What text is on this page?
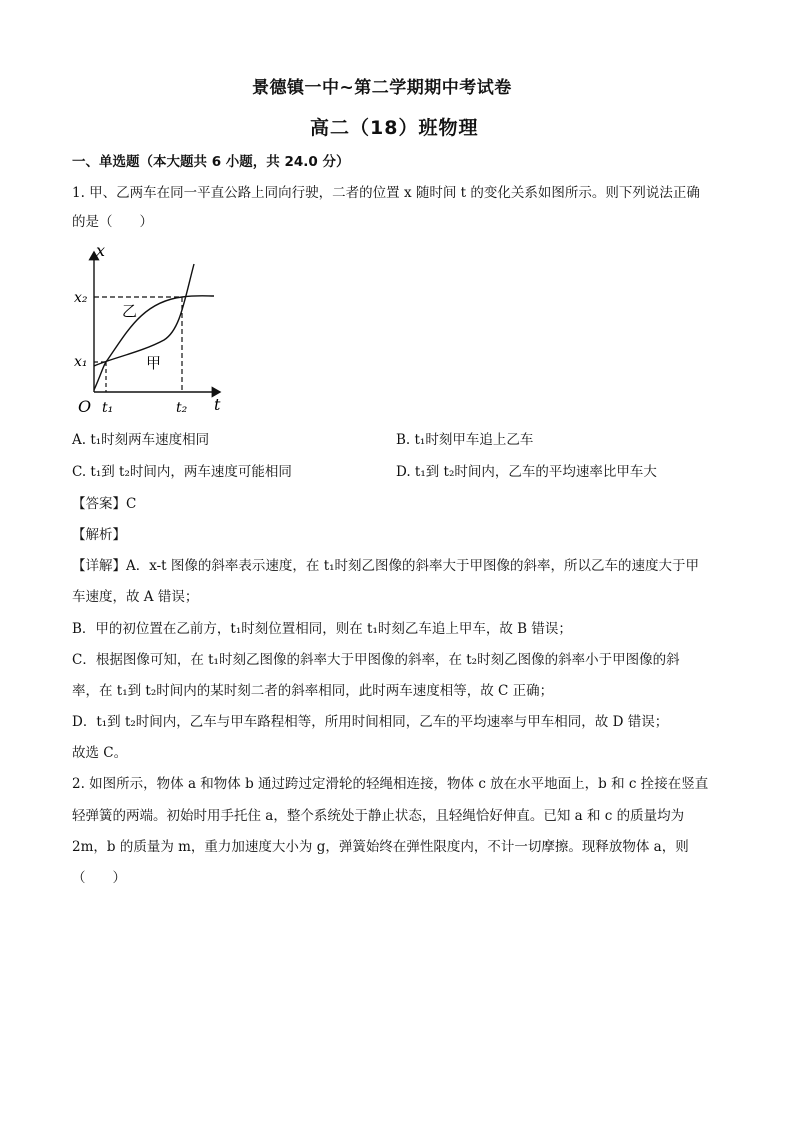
景德镇一中~第二学期期中考试卷
高二（18）班物理
一、单选题（本大题共 6 小题，共 24.0 分）
1. 甲、乙两车在同一平直公路上同向行驶，二者的位置 x 随时间 t 的变化关系如图所示。则下列说法正确
的是（　　）
t
x
O
x₂
x₁
t₁	t₂
乙
甲
A. t₁时刻两车速度相同	B. t₁时刻甲车追上乙车
C. t₁到 t₂时间内，两车速度可能相同	D. t₁到 t₂时间内，乙车的平均速率比甲车大
【答案】C
【解析】
【详解】A．x-t 图像的斜率表示速度，在 t₁时刻乙图像的斜率大于甲图像的斜率，所以乙车的速度大于甲
车速度，故 A 错误；
B．甲的初位置在乙前方，t₁时刻位置相同，则在 t₁时刻乙车追上甲车，故 B 错误；
C．根据图像可知，在 t₁时刻乙图像的斜率大于甲图像的斜率，在 t₂时刻乙图像的斜率小于甲图像的斜
率，在 t₁到 t₂时间内的某时刻二者的斜率相同，此时两车速度相等，故 C 正确；
D．t₁到 t₂时间内，乙车与甲车路程相等，所用时间相同，乙车的平均速率与甲车相同，故 D 错误；
故选 C。
2. 如图所示，物体 a 和物体 b 通过跨过定滑轮的轻绳相连接，物体 c 放在水平地面上，b 和 c 拴接在竖直
轻弹簧的两端。初始时用手托住 a，整个系统处于静止状态，且轻绳恰好伸直。已知 a 和 c 的质量均为
2m，b 的质量为 m，重力加速度大小为 g，弹簧始终在弹性限度内，不计一切摩擦。现释放物体 a，则
（　　）
